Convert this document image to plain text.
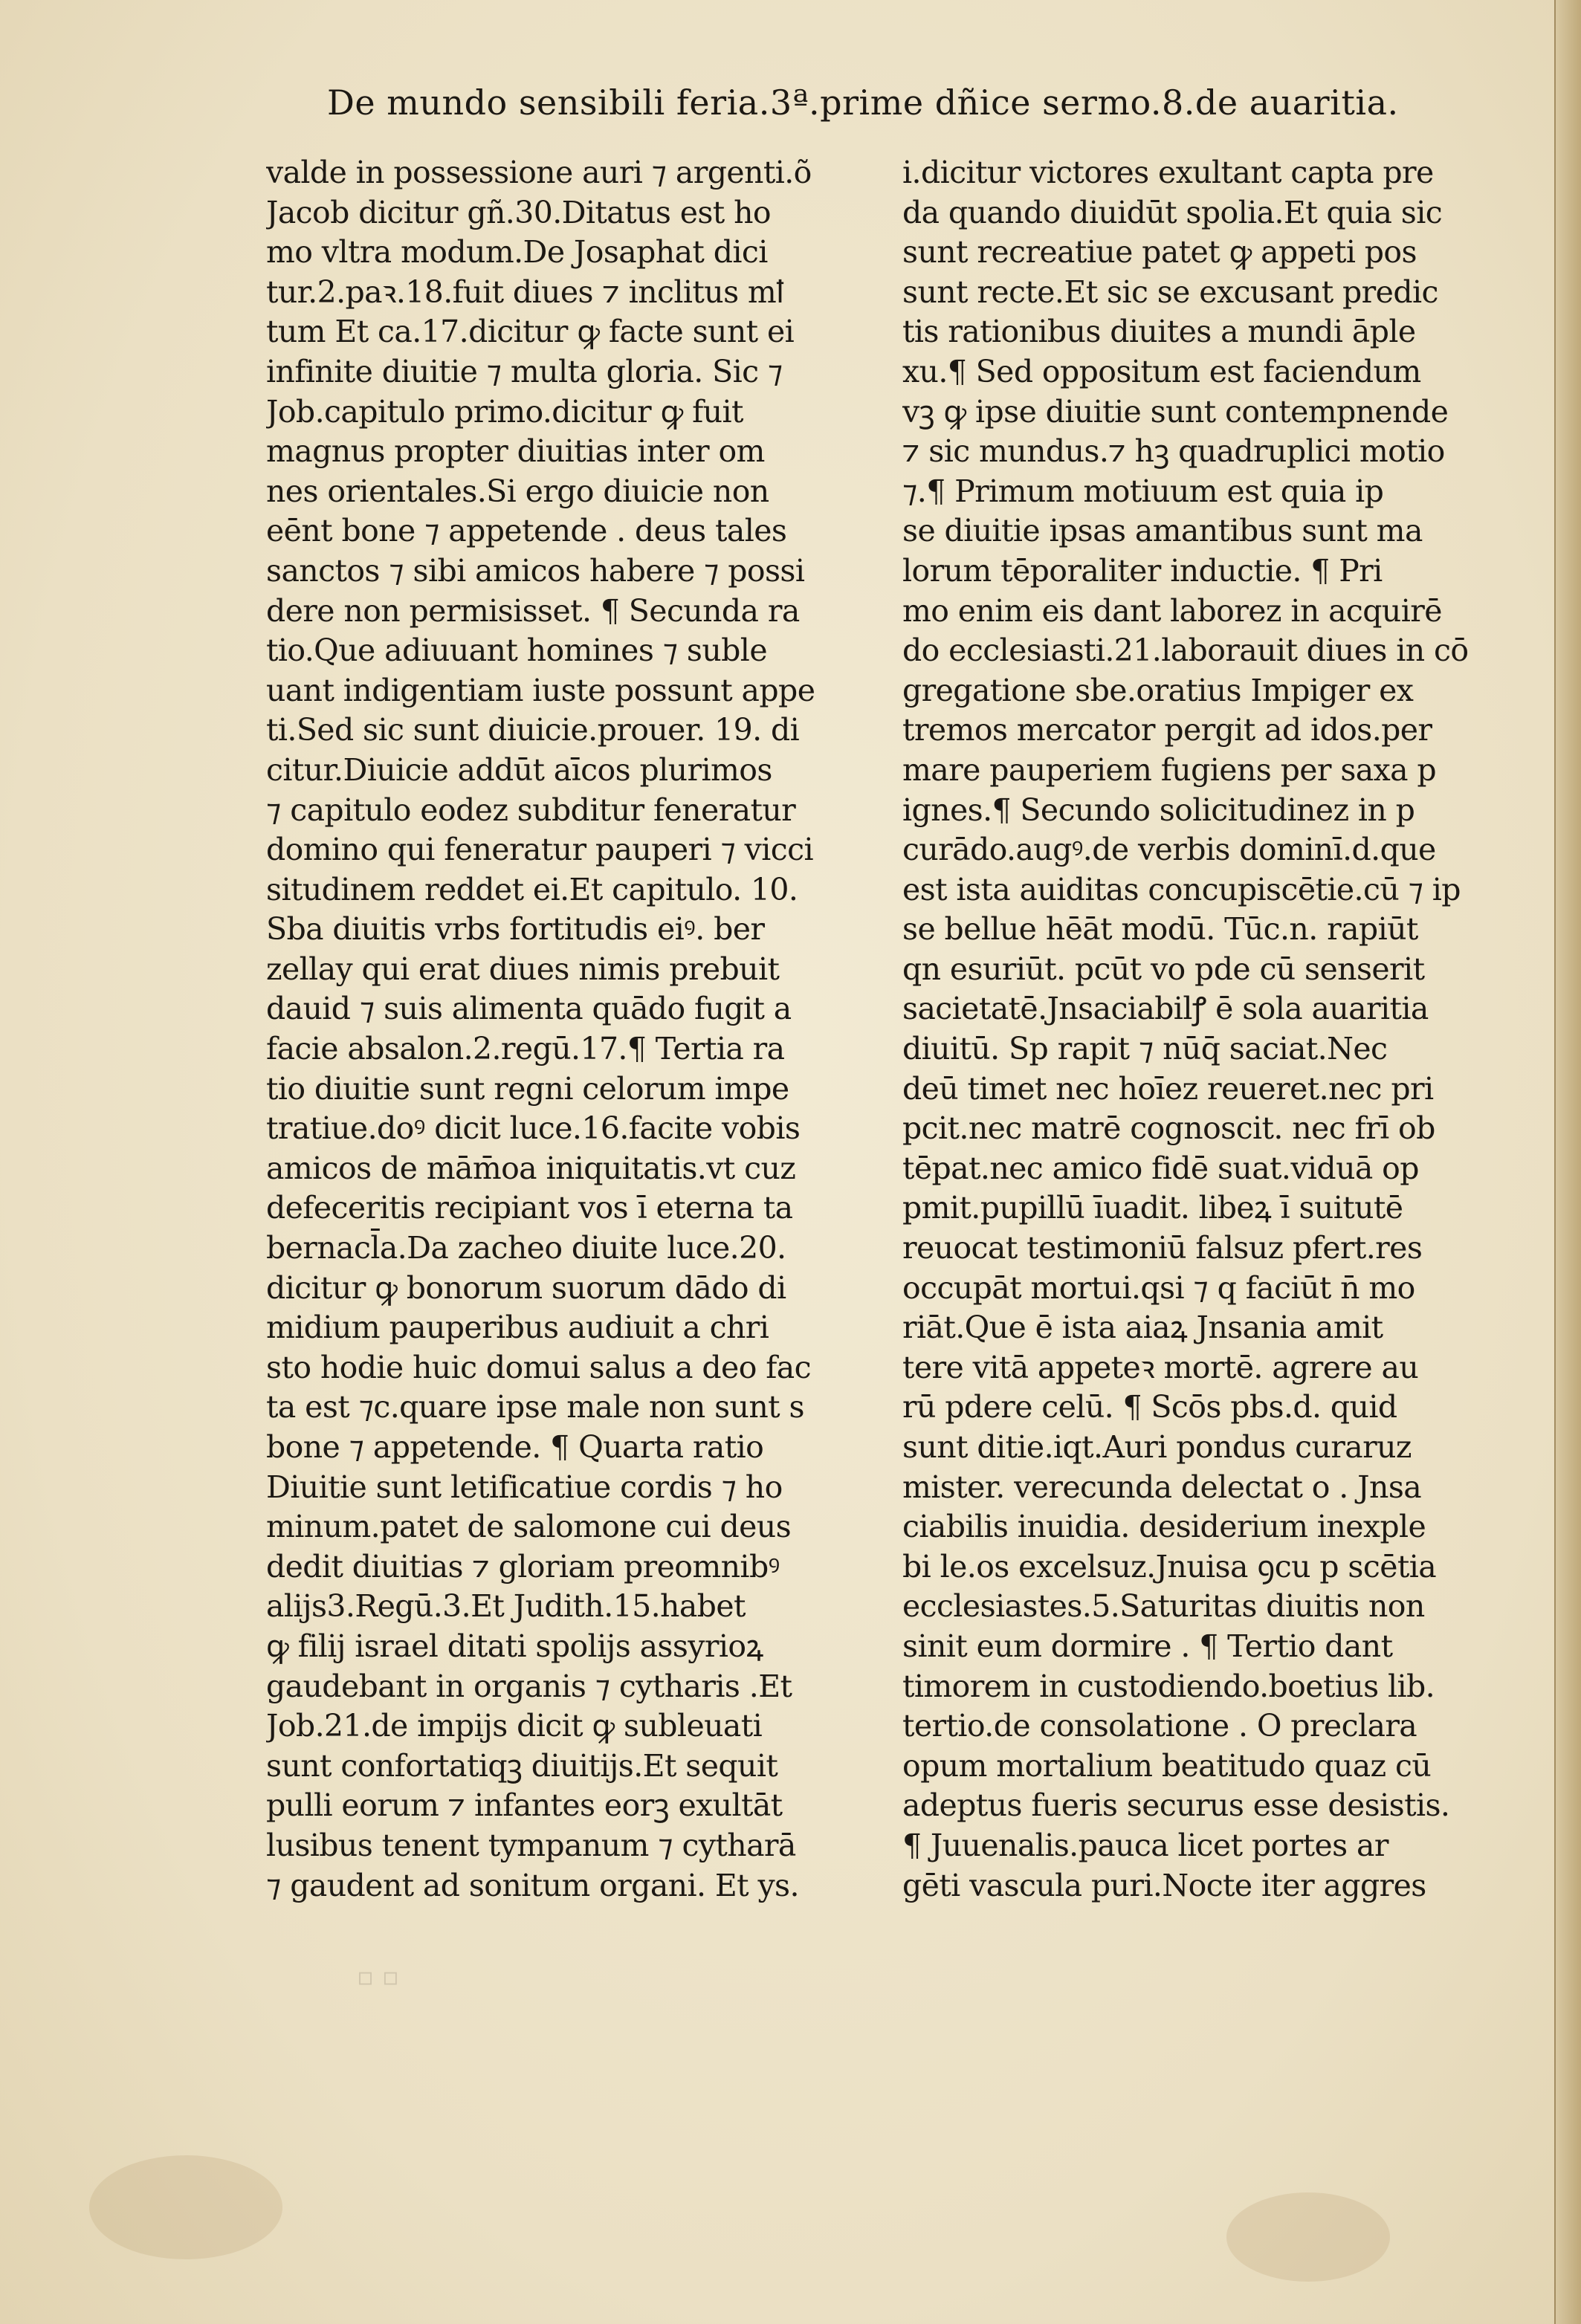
De mundo sensibili feria.3ª.prime dñice sermo.8.de auaritia.
valde in possessione auri ⁊ argenti.õ
Jacob dicitur gñ.30.Ditatus est ho
mo vltra modum.De Josaphat dici
tur.2.paꝛ.18.fuit diues ⁊ inclitus mꝉ
tum Et ca.17.dicitur ꝙ facte sunt ei
infinite diuitie ⁊ multa gloria. Sic ⁊
Job.capitulo primo.dicitur ꝙ fuit
magnus propter diuitias inter om
nes orientales.Si ergo diuicie non
eēnt bone ⁊ appetende . deus tales
sanctos ⁊ sibi amicos habere ⁊ possi
dere non permisisset. ¶ Secunda ra
tio.Que adiuuant homines ⁊ suble
uant indigentiam iuste possunt appe
ti.Sed sic sunt diuicie.prouer. 19. di
citur.Diuicie addūt aīcos plurimos
⁊ capitulo eodez subditur feneratur
domino qui feneratur pauperi ⁊ vicci
situdinem reddet ei.Et capitulo. 10.
Sba diuitis vrbs fortitudis eiꝰ. ber
zellay qui erat diues nimis prebuit
dauid ⁊ suis alimenta quādo fugit a
facie absalon.2.regū.17.¶ Tertia ra
tio diuitie sunt regni celorum impe
tratiue.doꝰ dicit luce.16.facite vobis
amicos de mām̄oa iniquitatis.vt cuz
defeceritis recipiant vos ī eterna ta
bernacl̄a.Da zacheo diuite luce.20.
dicitur ꝙ bonorum suorum dādo di
midium pauperibus audiuit a chri
sto hodie huic domui salus a deo fac
ta est ⁊c.quare ipse male non sunt s
bone ⁊ appetende. ¶ Quarta ratio
Diuitie sunt letificatiue cordis ⁊ ho
minum.patet de salomone cui deus
dedit diuitias ⁊ gloriam preomnibꝰ
alijs3.Regū.3.Et Judith.15.habet
ꝙ filij israel ditati spolijs assyrioꝝ
gaudebant in organis ⁊ cytharis .Et
Job.21.de impijs dicit ꝙ subleuati
sunt confortatiqꝫ diuitijs.Et sequit
pulli eorum ⁊ infantes eorꝫ exultāt
lusibus tenent tympanum ⁊ cytharā
⁊ gaudent ad sonitum organi. Et ys.
i.dicitur victores exultant capta pre
da quando diuidūt spolia.Et quia sic
sunt recreatiue patet ꝙ appeti pos
sunt recte.Et sic se excusant predic
tis rationibus diuites a mundi āple
xu.¶ Sed oppositum est faciendum
vꝫ ꝙ ipse diuitie sunt contempnende
⁊ sic mundus.⁊ hꝫ quadruplici motio
⁊.¶ Primum motiuum est quia ip
se diuitie ipsas amantibus sunt ma
lorum tēporaliter inductie. ¶ Pri
mo enim eis dant laborez in acquirē
do ecclesiasti.21.laborauit diues in cō
gregatione sbe.oratius Impiger ex
tremos mercator pergit ad idos.per
mare pauperiem fugiens per saxa p
ignes.¶ Secundo solicitudinez in p
curādo.augꝰ.de verbis dominī.d.que
est ista auiditas concupiscētie.cū ⁊ ip
se bellue hēāt modū. Tūc.n. rapiūt
qn esuriūt. pcūt vo pde cū senserit
sacietatē.Jnsaciabilꝭ ē sola auaritia
diuitū. Sp rapit ⁊ nūq̄ saciat.Nec
deū timet nec hoīez reueret.nec pri
pcit.nec matrē cognoscit. nec frī ob
tēpat.nec amico fidē suat.viduā op
pmit.pupillū īuadit. libeꝝ ī suitutē
reuocat testimoniū falsuz pfert.res
occupāt mortui.qsi ⁊ q faciūt n̄ mo
riāt.Que ē ista aiaꝝ Jnsania amit
tere vitā appeteꝛ mortē. agrere au
rū pdere celū. ¶ Scōs pbs.d. quid
sunt ditie.iqt.Auri pondus curaruz
mister. verecunda delectat o . Jnsa
ciabilis inuidia. desiderium inexple
bi le.os excelsuz.Jnuisa ꝯcu p scētia
ecclesiastes.5.Saturitas diuitis non
sinit eum dormire . ¶ Tertio dant
timorem in custodiendo.boetius lib.
tertio.de consolatione . O preclara
opum mortalium beatitudo quaz cū
adeptus fueris securus esse desistis.
¶ Juuenalis.pauca licet portes ar
gēti vascula puri.Nocte iter aggres
▫ ▫
